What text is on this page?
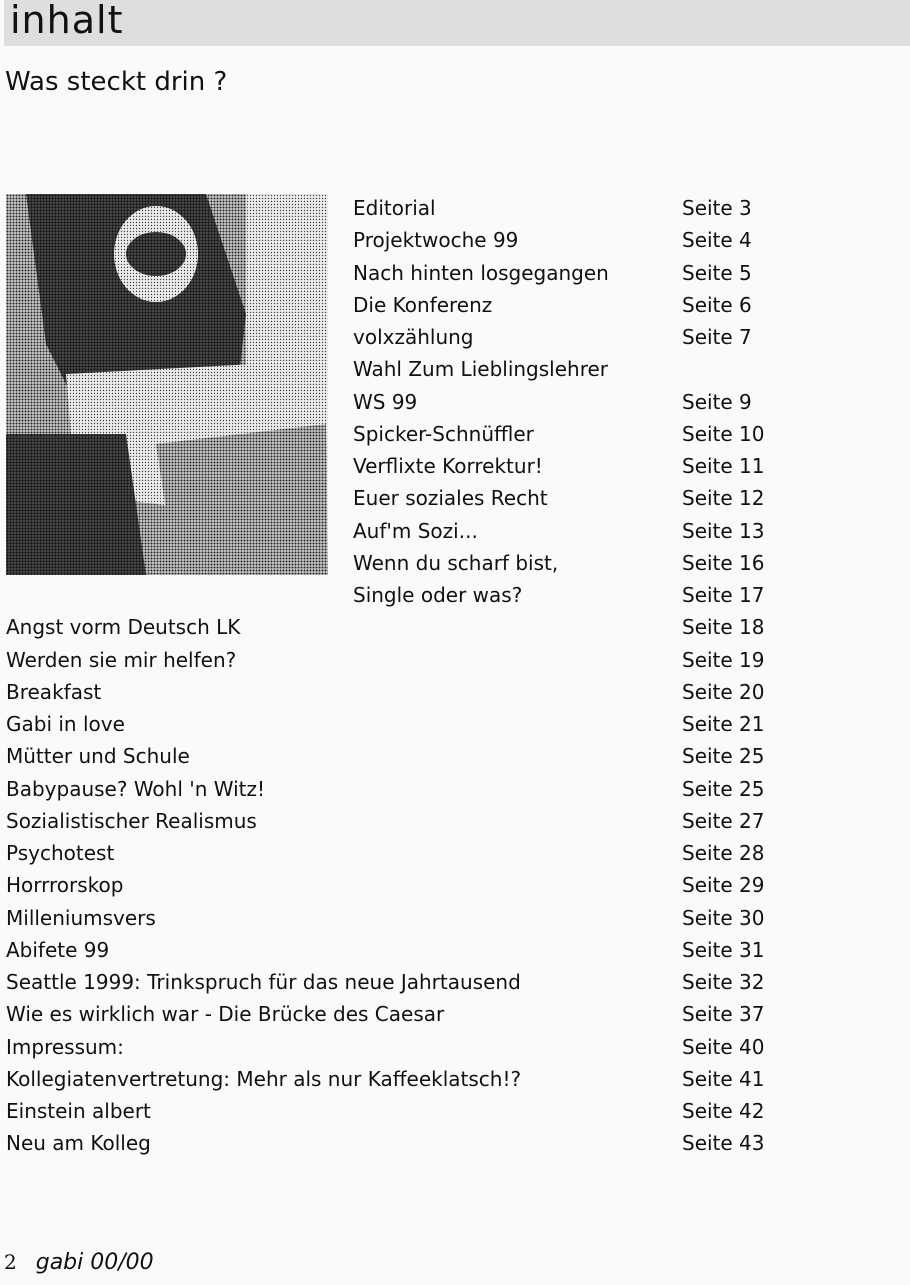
inhalt
Was steckt drin ?
Editorial	Seite 3
Projektwoche 99	Seite 4
Nach hinten losgegangen	Seite 5
Die Konferenz	Seite 6
volxzählung	Seite 7
Wahl Zum Lieblingslehrer
WS 99	Seite 9
Spicker-Schnüffler	Seite 10
Verflixte Korrektur!	Seite 11
Euer soziales Recht	Seite 12
Auf'm Sozi...	Seite 13
Wenn du scharf bist,	Seite 16
Single oder was?	Seite 17
Angst vorm Deutsch LK	Seite 18
Werden sie mir helfen?	Seite 19
Breakfast	Seite 20
Gabi in love	Seite 21
Mütter und Schule	Seite 25
Babypause? Wohl 'n Witz!	Seite 25
Sozialistischer Realismus	Seite 27
Psychotest	Seite 28
Horrrorskop	Seite 29
Milleniumsvers	Seite 30
Abifete 99	Seite 31
Seattle 1999: Trinkspruch für das neue Jahrtausend	Seite 32
Wie es wirklich war - Die Brücke des Caesar	Seite 37
Impressum:	Seite 40
Kollegiatenvertretung: Mehr als nur Kaffeeklatsch!?	Seite 41
Einstein albert	Seite 42
Neu am Kolleg	Seite 43
2 gabi 00/00
